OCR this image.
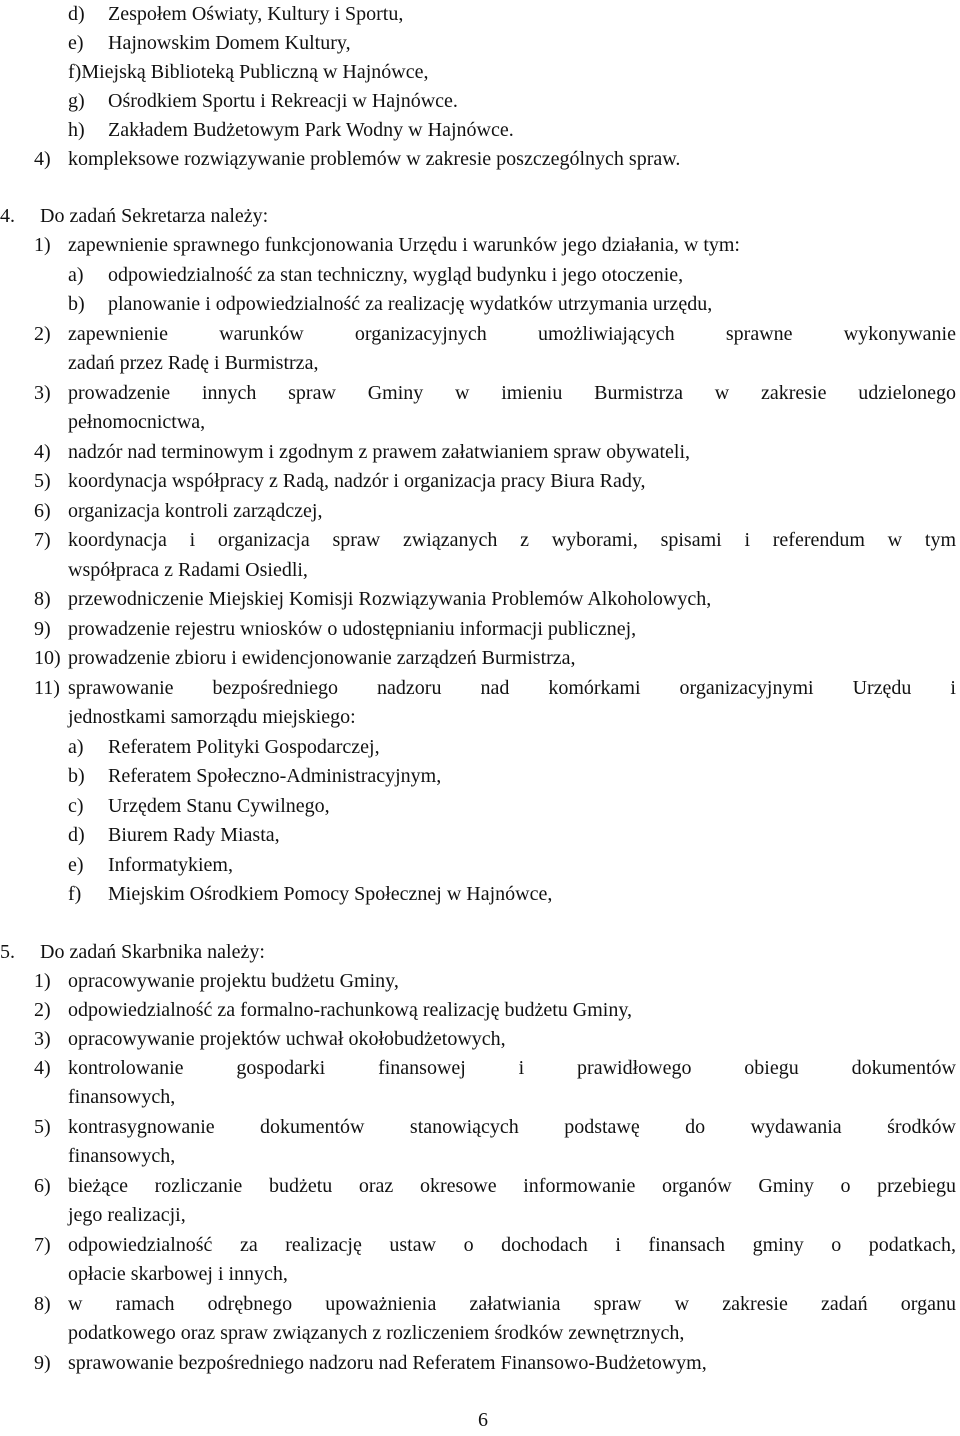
d) Zespołem Oświaty, Kultury i Sportu,
e) Hajnowskim Domem Kultury,
f)Miejską Biblioteką Publiczną w Hajnówce,
g) Ośrodkiem Sportu i Rekreacji w Hajnówce.
h) Zakładem Budżetowym Park Wodny w Hajnówce.
4) kompleksowe rozwiązywanie problemów w zakresie poszczególnych spraw.
4. Do zadań Sekretarza należy:
1) zapewnienie sprawnego funkcjonowania Urzędu i warunków jego działania, w tym:
a) odpowiedzialność za stan techniczny, wygląd budynku i jego otoczenie,
b) planowanie i odpowiedzialność za realizację wydatków utrzymania urzędu,
2) zapewnienie warunków organizacyjnych umożliwiających sprawne wykonywanie
zadań przez Radę i Burmistrza,
3) prowadzenie innych spraw Gminy w imieniu Burmistrza w zakresie udzielonego
pełnomocnictwa,
4) nadzór nad terminowym i zgodnym z prawem załatwianiem spraw obywateli,
5) koordynacja współpracy z Radą, nadzór i organizacja pracy Biura Rady,
6) organizacja kontroli zarządczej,
7) koordynacja i organizacja spraw związanych z wyborami, spisami i referendum w tym
współpraca z Radami Osiedli,
8) przewodniczenie Miejskiej Komisji Rozwiązywania Problemów Alkoholowych,
9) prowadzenie rejestru wniosków o udostępnianiu informacji publicznej,
10) prowadzenie zbioru i ewidencjonowanie zarządzeń Burmistrza,
11) sprawowanie bezpośredniego nadzoru nad komórkami organizacyjnymi Urzędu i
jednostkami samorządu miejskiego:
a) Referatem Polityki Gospodarczej,
b) Referatem Społeczno-Administracyjnym,
c) Urzędem Stanu Cywilnego,
d) Biurem Rady Miasta,
e) Informatykiem,
f) Miejskim Ośrodkiem Pomocy Społecznej w Hajnówce,
5. Do zadań Skarbnika należy:
1) opracowywanie projektu budżetu Gminy,
2) odpowiedzialność za formalno-rachunkową realizację budżetu Gminy,
3) opracowywanie projektów uchwał okołobudżetowych,
4) kontrolowanie gospodarki finansowej i prawidłowego obiegu dokumentów
finansowych,
5) kontrasygnowanie dokumentów stanowiących podstawę do wydawania środków
finansowych,
6) bieżące rozliczanie budżetu oraz okresowe informowanie organów Gminy o przebiegu
jego realizacji,
7) odpowiedzialność za realizację ustaw o dochodach i finansach gminy o podatkach,
opłacie skarbowej i innych,
8) w ramach odrębnego upoważnienia załatwiania spraw w zakresie zadań organu
podatkowego oraz spraw związanych z rozliczeniem środków zewnętrznych,
9) sprawowanie bezpośredniego nadzoru nad Referatem Finansowo-Budżetowym,
6
